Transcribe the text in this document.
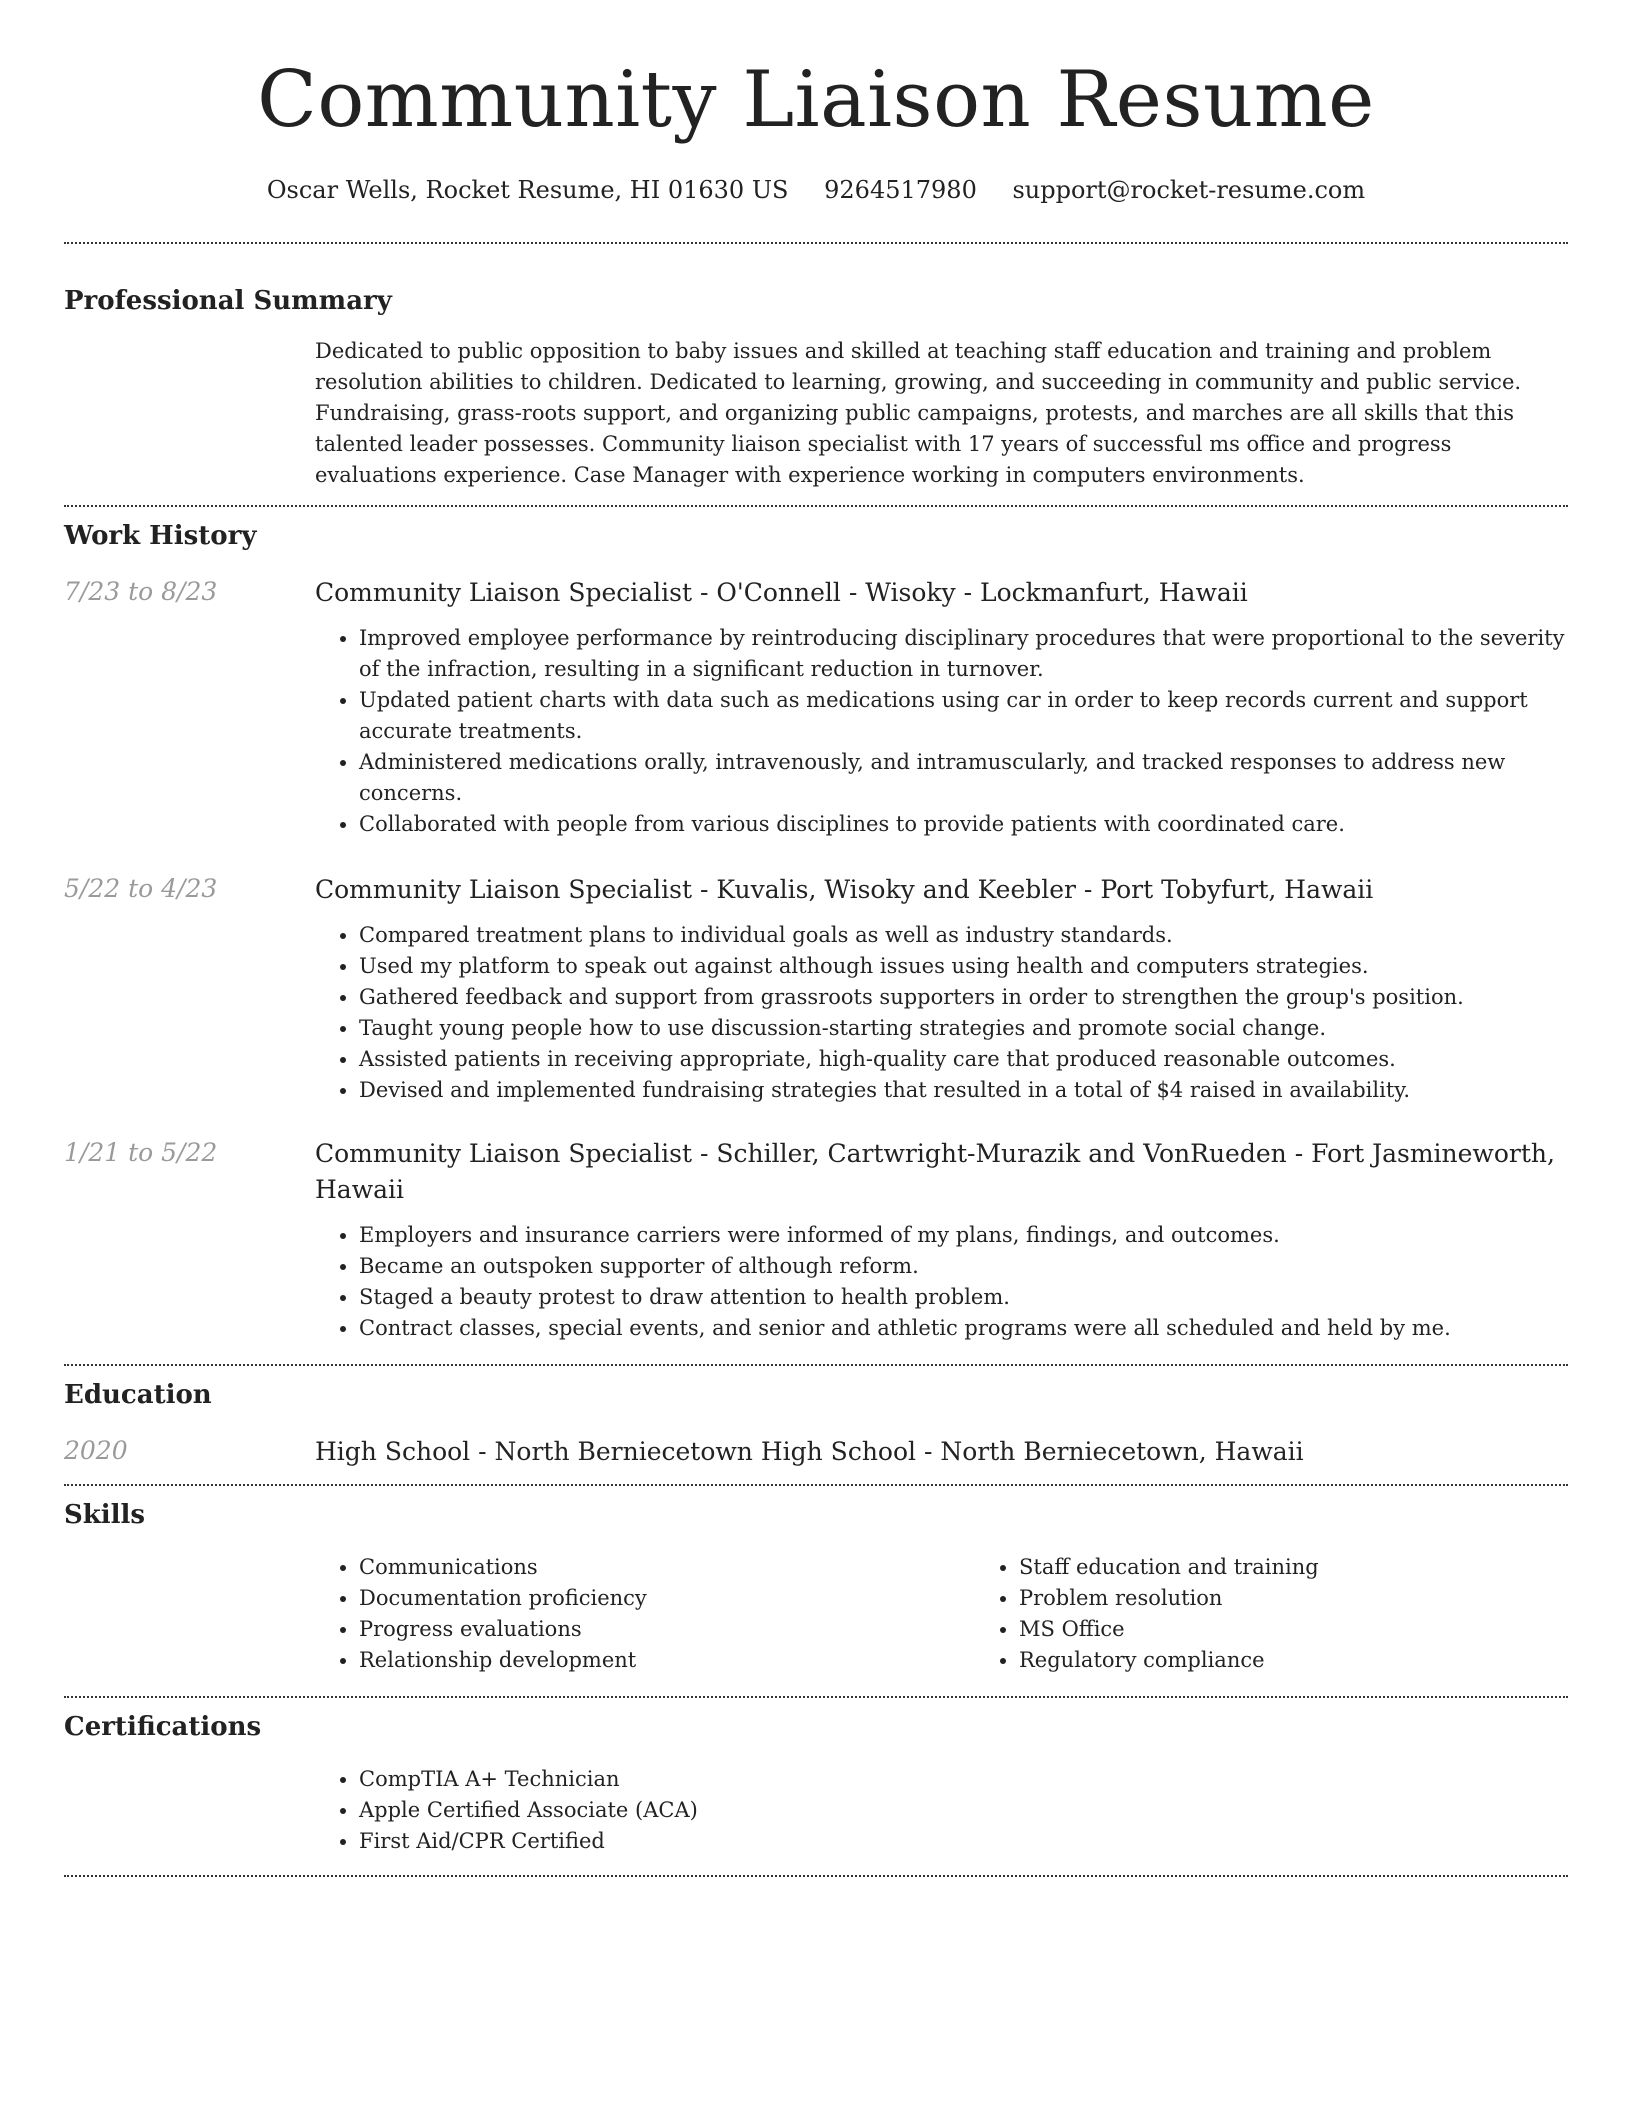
Community Liaison Resume
Oscar Wells, Rocket Resume, HI 01630 US 9264517980 support@rocket-resume.com
Professional Summary
Dedicated to public opposition to baby issues and skilled at teaching staff education and training and problem resolution abilities to children. Dedicated to learning, growing, and succeeding in community and public service. Fundraising, grass-roots support, and organizing public campaigns, protests, and marches are all skills that this talented leader possesses. Community liaison specialist with 17 years of successful ms office and progress evaluations experience. Case Manager with experience working in computers environments.
Work History
7/23 to 8/23	Community Liaison Specialist - O'Connell - Wisoky - Lockmanfurt, Hawaii
• Improved employee performance by reintroducing disciplinary procedures that were proportional to the severity of the infraction, resulting in a significant reduction in turnover.
• Updated patient charts with data such as medications using car in order to keep records current and support accurate treatments.
• Administered medications orally, intravenously, and intramuscularly, and tracked responses to address new concerns.
• Collaborated with people from various disciplines to provide patients with coordinated care.
5/22 to 4/23	Community Liaison Specialist - Kuvalis, Wisoky and Keebler - Port Tobyfurt, Hawaii
• Compared treatment plans to individual goals as well as industry standards.
• Used my platform to speak out against although issues using health and computers strategies.
• Gathered feedback and support from grassroots supporters in order to strengthen the group's position.
• Taught young people how to use discussion-starting strategies and promote social change.
• Assisted patients in receiving appropriate, high-quality care that produced reasonable outcomes.
• Devised and implemented fundraising strategies that resulted in a total of $4 raised in availability.
1/21 to 5/22	Community Liaison Specialist - Schiller, Cartwright-Murazik and VonRueden - Fort Jasmineworth, Hawaii
• Employers and insurance carriers were informed of my plans, findings, and outcomes.
• Became an outspoken supporter of although reform.
• Staged a beauty protest to draw attention to health problem.
• Contract classes, special events, and senior and athletic programs were all scheduled and held by me.
Education
2020	High School - North Berniecetown High School - North Berniecetown, Hawaii
Skills
• Communications
• Documentation proficiency
• Progress evaluations
• Relationship development
• Staff education and training
• Problem resolution
• MS Office
• Regulatory compliance
Certifications
• CompTIA A+ Technician
• Apple Certified Associate (ACA)
• First Aid/CPR Certified
